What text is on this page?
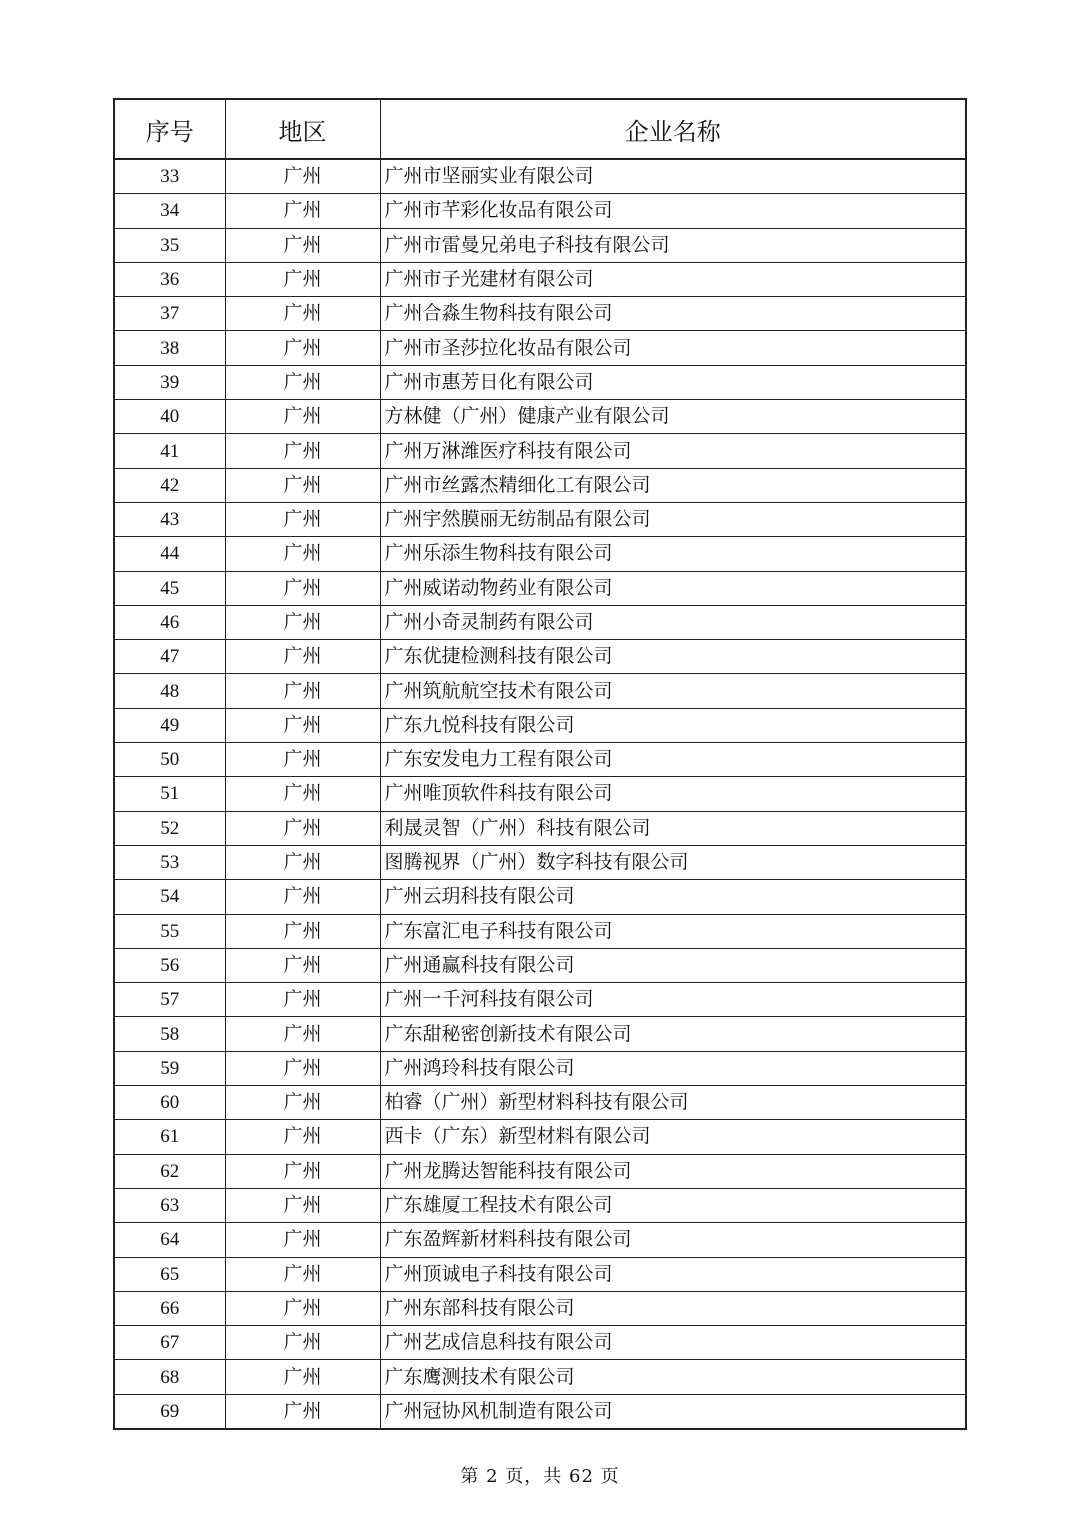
序号	地区	企业名称
33	广州	广州市坚丽实业有限公司
34	广州	广州市芊彩化妆品有限公司
35	广州	广州市雷曼兄弟电子科技有限公司
36	广州	广州市子光建材有限公司
37	广州	广州合淼生物科技有限公司
38	广州	广州市圣莎拉化妆品有限公司
39	广州	广州市惠芳日化有限公司
40	广州	方林健（广州）健康产业有限公司
41	广州	广州万淋潍医疗科技有限公司
42	广州	广州市丝露杰精细化工有限公司
43	广州	广州宇然膜丽无纺制品有限公司
44	广州	广州乐添生物科技有限公司
45	广州	广州威诺动物药业有限公司
46	广州	广州小奇灵制药有限公司
47	广州	广东优捷检测科技有限公司
48	广州	广州筑航航空技术有限公司
49	广州	广东九悦科技有限公司
50	广州	广东安发电力工程有限公司
51	广州	广州唯顶软件科技有限公司
52	广州	利晟灵智（广州）科技有限公司
53	广州	图腾视界（广州）数字科技有限公司
54	广州	广州云玥科技有限公司
55	广州	广东富汇电子科技有限公司
56	广州	广州通赢科技有限公司
57	广州	广州一千河科技有限公司
58	广州	广东甜秘密创新技术有限公司
59	广州	广州鸿玲科技有限公司
60	广州	柏睿（广州）新型材料科技有限公司
61	广州	西卡（广东）新型材料有限公司
62	广州	广州龙腾达智能科技有限公司
63	广州	广东雄厦工程技术有限公司
64	广州	广东盈辉新材料科技有限公司
65	广州	广州顶诚电子科技有限公司
66	广州	广州东部科技有限公司
67	广州	广州艺成信息科技有限公司
68	广州	广东鹰测技术有限公司
69	广州	广州冠协风机制造有限公司
第 2 页，共 62 页
